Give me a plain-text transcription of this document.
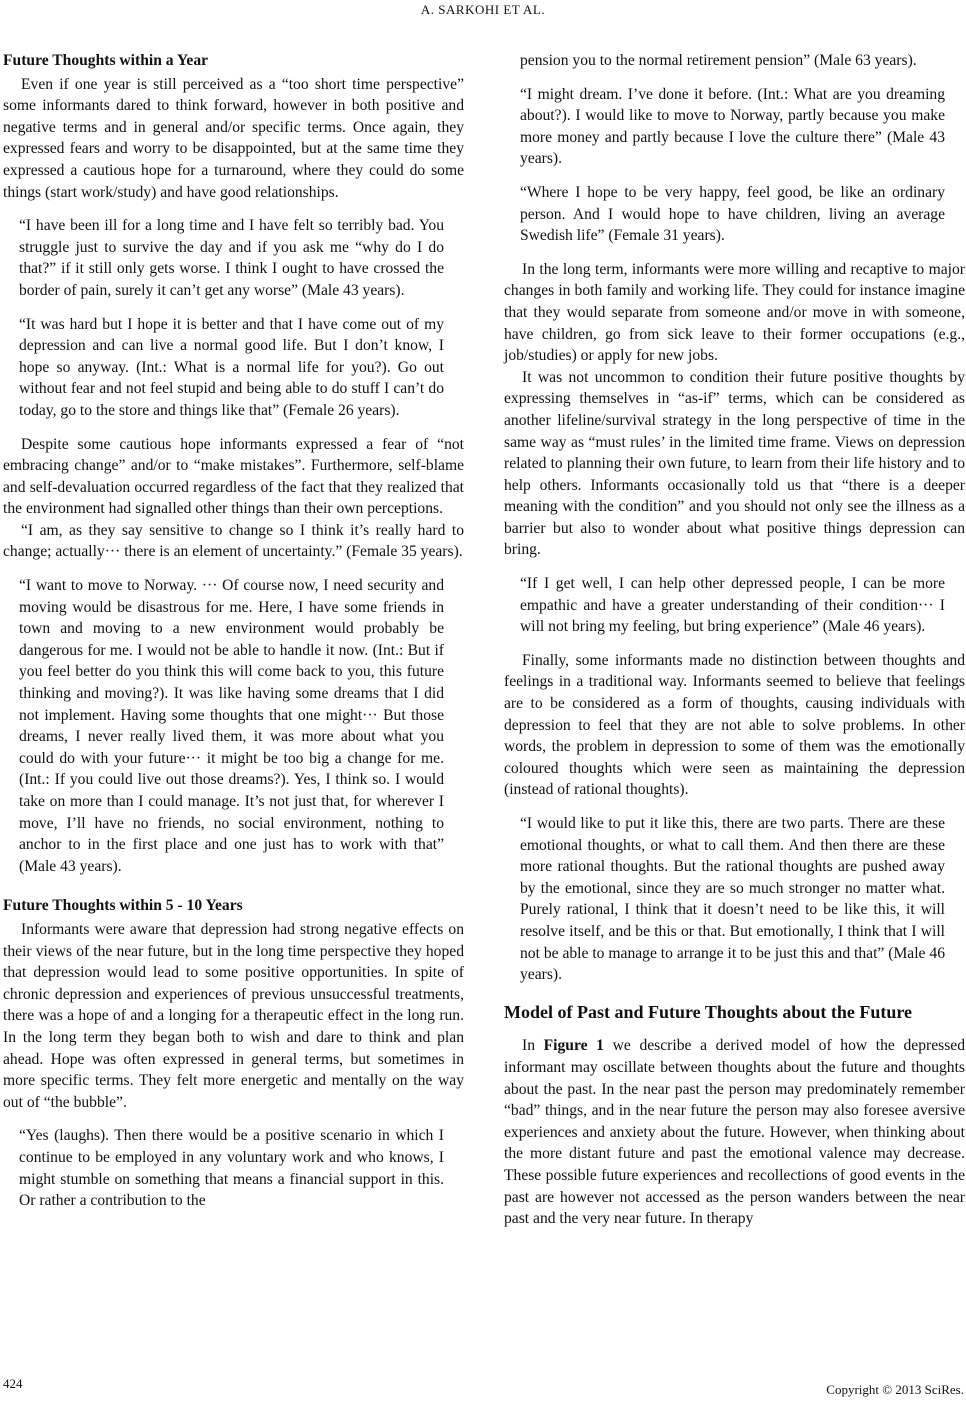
A. SARKOHI ET AL.
Future Thoughts within a Year

Even if one year is still perceived as a “too short time perspective” some informants dared to think forward, however in both positive and negative terms and in general and/or specific terms. Once again, they expressed fears and worry to be disappointed, but at the same time they expressed a cautious hope for a turnaround, where they could do some things (start work/study) and have good relationships.

“I have been ill for a long time and I have felt so terribly bad. You struggle just to survive the day and if you ask me “why do I do that?” if it still only gets worse. I think I ought to have crossed the border of pain, surely it can’t get any worse” (Male 43 years).
“It was hard but I hope it is better and that I have come out of my depression and can live a normal good life. But I don’t know, I hope so anyway. (Int.: What is a normal life for you?). Go out without fear and not feel stupid and being able to do stuff I can’t do today, go to the store and things like that” (Female 26 years).

Despite some cautious hope informants expressed a fear of “not embracing change” and/or to “make mistakes”. Furthermore, self-blame and self-devaluation occurred regardless of the fact that they realized that the environment had signalled other things than their own perceptions.

“I am, as they say sensitive to change so I think it’s really hard to change; actually··· there is an element of uncertainty.” (Female 35 years).

“I want to move to Norway. ··· Of course now, I need security and moving would be disastrous for me. Here, I have some friends in town and moving to a new environment would probably be dangerous for me. I would not be able to handle it now. (Int.: But if you feel better do you think this will come back to you, this future thinking and moving?). It was like having some dreams that I did not implement. Having some thoughts that one might··· But those dreams, I never really lived them, it was more about what you could do with your future··· it might be too big a change for me. (Int.: If you could live out those dreams?). Yes, I think so. I would take on more than I could manage. It’s not just that, for wherever I move, I’ll have no friends, no social environment, nothing to anchor to in the first place and one just has to work with that” (Male 43 years).
Future Thoughts within 5 - 10 Years

Informants were aware that depression had strong negative effects on their views of the near future, but in the long time perspective they hoped that depression would lead to some positive opportunities. In spite of chronic depression and experiences of previous unsuccessful treatments, there was a hope of and a longing for a therapeutic effect in the long run. In the long term they began both to wish and dare to think and plan ahead. Hope was often expressed in general terms, but sometimes in more specific terms. They felt more energetic and mentally on the way out of “the bubble”.

“Yes (laughs). Then there would be a positive scenario in which I continue to be employed in any voluntary work and who knows, I might stumble on something that means a financial support in this. Or rather a contribution to the
pension you to the normal retirement pension” (Male 63 years).
“I might dream. I’ve done it before. (Int.: What are you dreaming about?). I would like to move to Norway, partly because you make more money and partly because I love the culture there” (Male 43 years).
“Where I hope to be very happy, feel good, be like an ordinary person. And I would hope to have children, living an average Swedish life” (Female 31 years).

In the long term, informants were more willing and recaptive to major changes in both family and working life. They could for instance imagine that they would separate from someone and/or move in with someone, have children, go from sick leave to their former occupations (e.g., job/studies) or apply for new jobs.

It was not uncommon to condition their future positive thoughts by expressing themselves in “as-if” terms, which can be considered as another lifeline/survival strategy in the long perspective of time in the same way as “must rules’ in the limited time frame. Views on depression related to planning their own future, to learn from their life history and to help others. Informants occasionally told us that “there is a deeper meaning with the condition” and you should not only see the illness as a barrier but also to wonder about what positive things depression can bring.

“If I get well, I can help other depressed people, I can be more empathic and have a greater understanding of their condition··· I will not bring my feeling, but bring experience” (Male 46 years).

Finally, some informants made no distinction between thoughts and feelings in a traditional way. Informants seemed to believe that feelings are to be considered as a form of thoughts, causing individuals with depression to feel that they are not able to solve problems. In other words, the problem in depression to some of them was the emotionally coloured thoughts which were seen as maintaining the depression (instead of rational thoughts).

“I would like to put it like this, there are two parts. There are these emotional thoughts, or what to call them. And then there are these more rational thoughts. But the rational thoughts are pushed away by the emotional, since they are so much stronger no matter what. Purely rational, I think that it doesn’t need to be like this, it will resolve itself, and be this or that. But emotionally, I think that I will not be able to manage to arrange it to be just this and that” (Male 46 years).
Model of Past and Future Thoughts about the Future

In Figure 1 we describe a derived model of how the depressed informant may oscillate between thoughts about the future and thoughts about the past. In the near past the person may predominately remember “bad” things, and in the near future the person may also foresee aversive experiences and anxiety about the future. However, when thinking about the more distant future and past the emotional valence may decrease. These possible future experiences and recollections of good events in the past are however not accessed as the person wanders between the near past and the very near future. In therapy

424	Copyright © 2013 SciRes.
